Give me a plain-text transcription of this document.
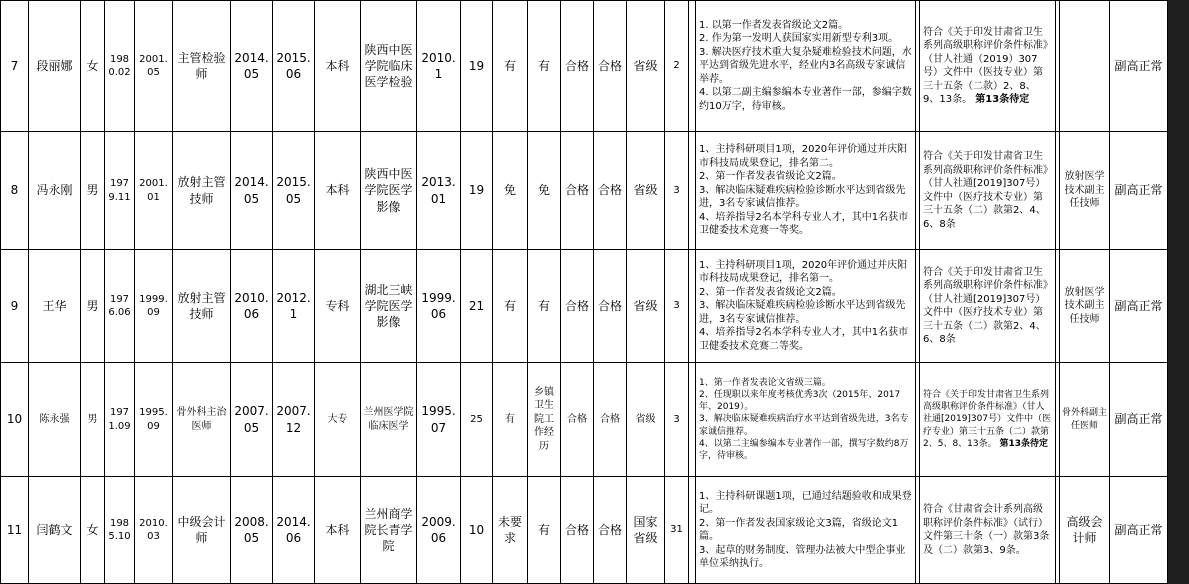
7	段丽娜	女	1980.02	2001.05	主管检验师	2014.05	2015.06	本科	陕西中医学院临床医学检验	2010.1	19	有	有	合格	合格	省级	2		1. 以第一作者发表省级论文2篇。
2. 作为第一发明人获国家实用新型专利3项。
3. 解决医疗技术重大复杂疑难检验技术问题，水平达到省级先进水平，经业内3名高级专家诚信举荐。
4. 以第二副主编参编本专业著作一部，参编字数约10万字，待审核。		符合《关于印发甘肃省卫生系列高级职称评价条件标准》（甘人社通（2019）307号）文件中（医技专业）第三十五条（二款）2、8、9、13条。 第13条待定			副高正常	
8	冯永刚	男	1979.11	2001.01	放射主管技师	2014.05	2015.05	本科	陕西中医学院医学影像	2013.01	19	免	免	合格	合格	省级	3		1、主持科研项目1项，2020年评价通过并庆阳市科技局成果登记，排名第二。
2、第一作者发表省级论文2篇。
3、解决临床疑难疾病检验诊断水平达到省级先进，3名专家诚信推荐。
4、培养指导2名本学科专业人才，其中1名获市卫健委技术竞赛一等奖。		符合《关于印发甘肃省卫生系列高级职称评价条件标准》（甘人社通[2019]307号）文件中（医疗技术专业）第三十五条（二）款第2、4、6、8条		放射医学技术副主任技师	副高正常	
9	王华	男	1976.06	1999.09	放射主管技师	2010.06	2012.1	专科	湖北三峡学院医学影像	1999.06	21	有	有	合格	合格	省级	3		1、主持科研项目1项，2020年评价通过并庆阳市科技局成果登记，排名第一。
2、第一作者发表省级论文2篇。
3、解决临床疑难疾病检验诊断水平达到省级先进，3名专家诚信推荐。
4、培养指导2名本学科专业人才，其中1名获市卫健委技术竞赛二等奖。		符合《关于印发甘肃省卫生系列高级职称评价条件标准》（甘人社通[2019]307号）文件中（医疗技术专业）第三十五条（二）款第2、4、6、8条		放射医学技术副主任技师	副高正常	
10	陈永强	男	1971.09	1995.09	骨外科主治医师	2007.05	2007.12	大专	兰州医学院临床医学	1995.07	25	有	乡镇卫生院工作经历	合格	合格	省级	3		1、第一作者发表论文省级三篇。
2、任现职以来年度考核优秀3次（2015年、2017年、2019）。
3、解决临床疑难疾病治疗水平达到省级先进，3名专家诚信推荐。
4、以第二主编参编本专业著作一部，撰写字数约8万字，待审核。		符合《关于印发甘肃省卫生系列高级职称评价条件标准》（甘人社通[2019]307号）文件中（医疗专业）第三十五条（二）款第2、5、8、13条。 第13条待定		骨外科副主任医师	副高正常	
11	闫鹤文	女	1985.10	2010.03	中级会计师	2008.05	2014.06	本科	兰州商学院长青学院	2009.06	10	未要求	有	合格	合格	国家省级	31		1、主持科研课题1项，已通过结题验收和成果登记。
2、第一作者发表国家级论文3篇，省级论文1篇。
3、起草的财务制度、管理办法被大中型企事业单位采纳执行。		符合《甘肃省会计系列高级职称评价条件标准》（试行）文件第三十条（一）款第3条及（二）款第3、9条。		高级会计师	副高正常	
